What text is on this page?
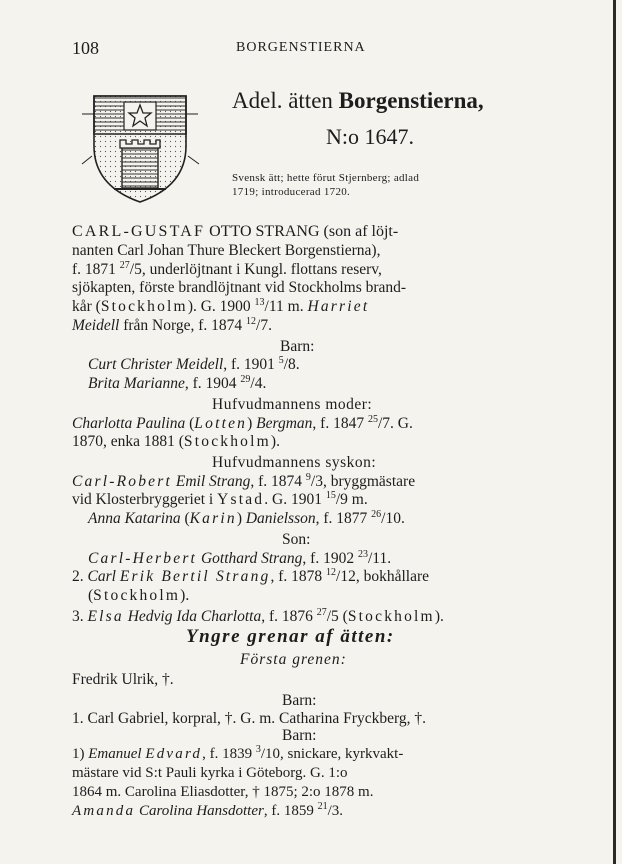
108	BORGENSTIERNA
Adel. ätten Borgenstierna,
N:o 1647.
Svensk ätt; hette förut Stjernberg; adlad
1719; introducerad 1720.
CARL-GUSTAF OTTO STRANG (son af löjt-
nanten Carl Johan Thure Bleckert Borgenstierna),
f. 1871 $^{27}$/5, underlöjtnant i Kungl. flottans reserv,
sjökapten, förste brandlöjtnant vid Stockholms brand-
kår (Stockholm). G. 1900 $^{13}$/11 m. Harriet
Meidell från Norge, f. 1874 $^{12}$/7.
Barn:
Curt Christer Meidell, f. 1901 $^5$/8.
Brita Marianne, f. 1904 $^{29}$/4.
Hufvudmannens moder:
Charlotta Paulina (Lotten) Bergman, f. 1847 $^{25}$/7. G.
1870, enka 1881 (Stockholm).
Hufvudmannens syskon:
Carl-Robert Emil Strang, f. 1874 $^9$/3, bryggmästare
vid Klosterbryggeriet i Ystad. G. 1901 $^{15}$/9 m.
Anna Katarina (Karin) Danielsson, f. 1877 $^{26}$/10.
Son:
Carl-Herbert Gotthard Strang, f. 1902 $^{23}$/11.
2. Carl Erik Bertil Strang, f. 1878 $^{12}$/12, bokhållare
(Stockholm).
3. Elsa Hedvig Ida Charlotta, f. 1876 $^{27}$/5 (Stockholm).
Yngre grenar af ätten:
Första grenen:
Fredrik Ulrik, †.
Barn:
1. Carl Gabriel, korpral, †. G. m. Catharina Fryckberg, †.
Barn:
1) Emanuel Edvard, f. 1839 $^3$/10, snickare, kyrkvakt-
mästare vid S:t Pauli kyrka i Göteborg. G. 1:o
1864 m. Carolina Eliasdotter, † 1875; 2:o 1878 m.
Amanda Carolina Hansdotter, f. 1859 $^{21}$/3.
